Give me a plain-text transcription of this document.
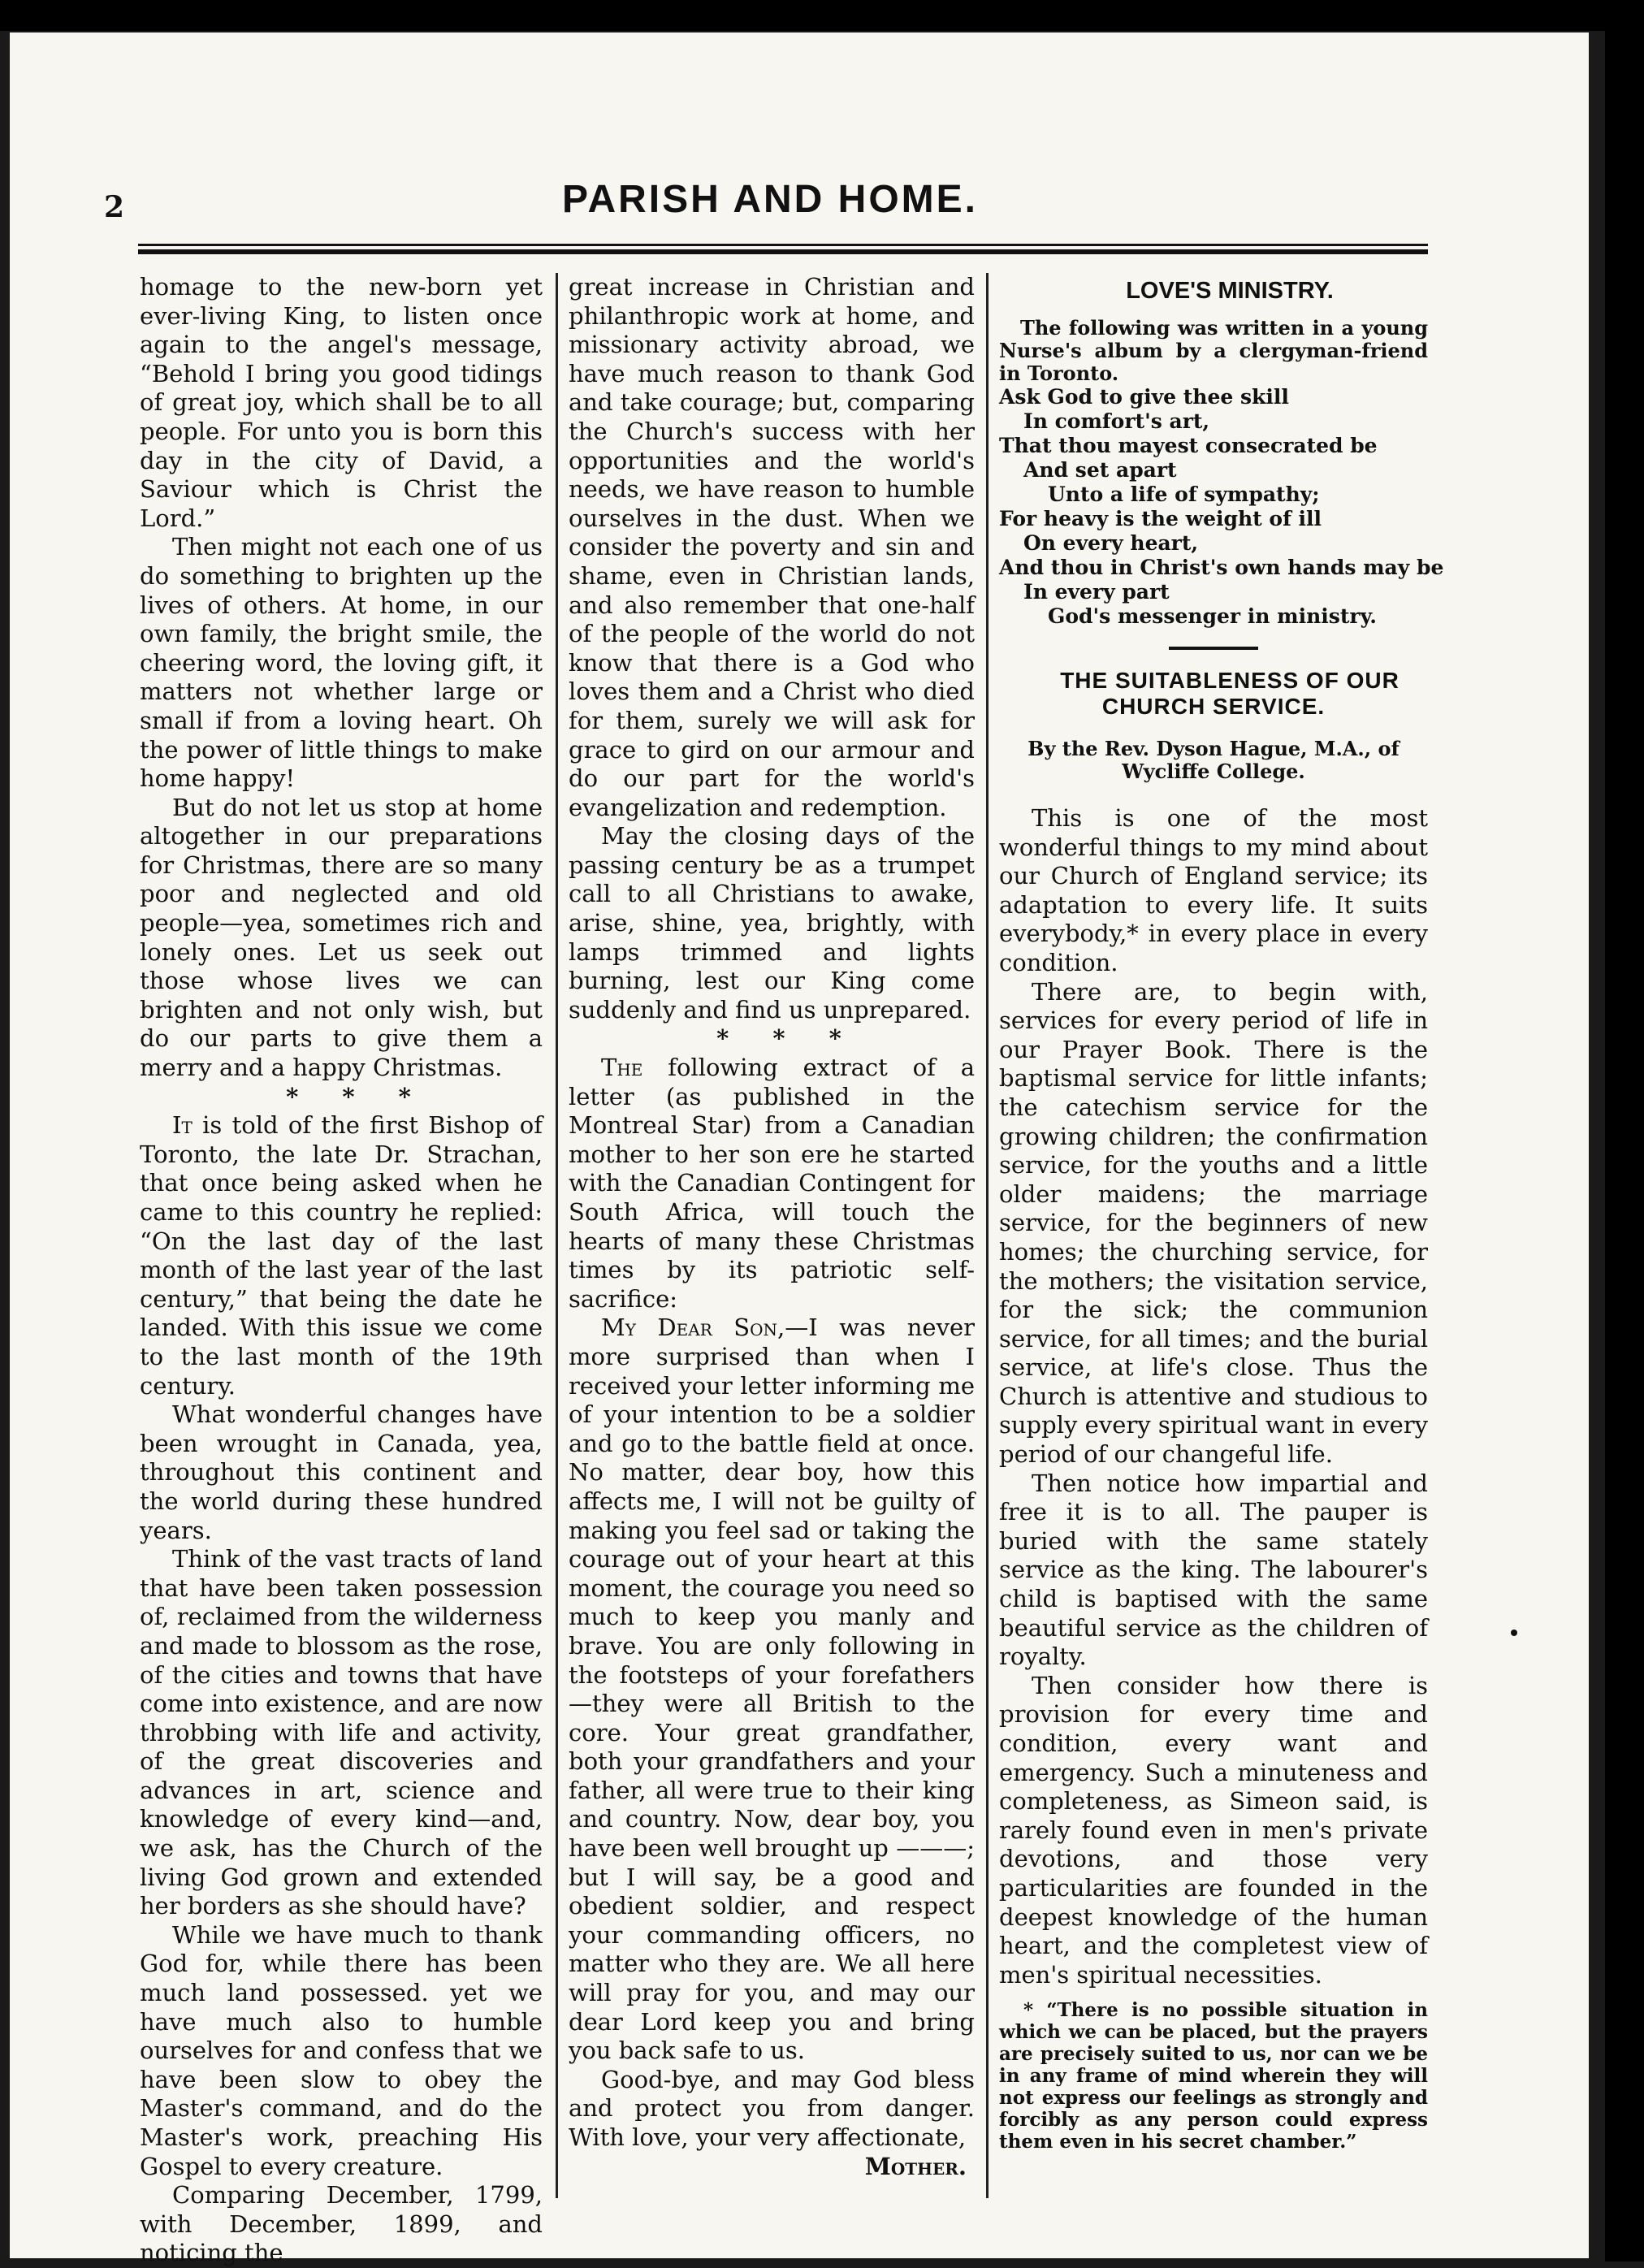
2	PARISH AND HOME.

homage to the new-born yet ever-living King, to listen once again to the angel's message, “Behold I bring you good tidings of great joy, which shall be to all people. For unto you is born this day in the city of David, a Saviour which is Christ the Lord.”

Then might not each one of us do something to brighten up the lives of others. At home, in our own family, the bright smile, the cheering word, the loving gift, it matters not whether large or small if from a loving heart. Oh the power of little things to make home happy!

But do not let us stop at home altogether in our preparations for Christmas, there are so many poor and neglected and old people—yea, sometimes rich and lonely ones. Let us seek out those whose lives we can brighten and not only wish, but do our parts to give them a merry and a happy Christmas.

* * *

It is told of the first Bishop of Toronto, the late Dr. Strachan, that once being asked when he came to this country he replied: “On the last day of the last month of the last year of the last century,” that being the date he landed. With this issue we come to the last month of the 19th century.

What wonderful changes have been wrought in Canada, yea, throughout this continent and the world during these hundred years.

Think of the vast tracts of land that have been taken possession of, reclaimed from the wilderness and made to blossom as the rose, of the cities and towns that have come into existence, and are now throbbing with life and activity, of the great discoveries and advances in art, science and knowledge of every kind—and, we ask, has the Church of the living God grown and extended her borders as she should have?

While we have much to thank God for, while there has been much land possessed. yet we have much also to humble ourselves for and confess that we have been slow to obey the Master's command, and do the Master's work, preaching His Gospel to every creature.

Comparing December, 1799, with December, 1899, and noticing the

great increase in Christian and philanthropic work at home, and missionary activity abroad, we have much reason to thank God and take courage; but, comparing the Church's success with her opportunities and the world's needs, we have reason to humble ourselves in the dust. When we consider the poverty and sin and shame, even in Christian lands, and also remember that one-half of the people of the world do not know that there is a God who loves them and a Christ who died for them, surely we will ask for grace to gird on our armour and do our part for the world's evangelization and redemption.

May the closing days of the passing century be as a trumpet call to all Christians to awake, arise, shine, yea, brightly, with lamps trimmed and lights burning, lest our King come suddenly and find us unprepared.

* * *

The following extract of a letter (as published in the Montreal Star) from a Canadian mother to her son ere he started with the Canadian Contingent for South Africa, will touch the hearts of many these Christmas times by its patriotic self-sacrifice:

My Dear Son,—I was never more surprised than when I received your letter informing me of your intention to be a soldier and go to the battle field at once. No matter, dear boy, how this affects me, I will not be guilty of making you feel sad or taking the courage out of your heart at this moment, the courage you need so much to keep you manly and brave. You are only following in the footsteps of your forefathers—they were all British to the core. Your great grandfather, both your grandfathers and your father, all were true to their king and country. Now, dear boy, you have been well brought up ———; but I will say, be a good and obedient soldier, and respect your commanding officers, no matter who they are. We all here will pray for you, and may our dear Lord keep you and bring you back safe to us.

Good-bye, and may God bless and protect you from danger. With love, your very affectionate,

Mother.

LOVE'S MINISTRY.

The following was written in a young Nurse's album by a clergyman-friend in Toronto.

Ask God to give thee skill
In comfort's art,
That thou mayest consecrated be
And set apart
Unto a life of sympathy;
For heavy is the weight of ill
On every heart,
And thou in Christ's own hands may be
In every part
God's messenger in ministry.

THE SUITABLENESS OF OUR CHURCH SERVICE.

By the Rev. Dyson Hague, M.A., of Wycliffe College.

This is one of the most wonderful things to my mind about our Church of England service; its adaptation to every life. It suits everybody,* in every place in every condition.

There are, to begin with, services for every period of life in our Prayer Book. There is the baptismal service for little infants; the catechism service for the growing children; the confirmation service, for the youths and a little older maidens; the marriage service, for the beginners of new homes; the churching service, for the mothers; the visitation service, for the sick; the communion service, for all times; and the burial service, at life's close. Thus the Church is attentive and studious to supply every spiritual want in every period of our changeful life.

Then notice how impartial and free it is to all. The pauper is buried with the same stately service as the king. The labourer's child is baptised with the same beautiful service as the children of royalty.

Then consider how there is provision for every time and condition, every want and emergency. Such a minuteness and completeness, as Simeon said, is rarely found even in men's private devotions, and those very particularities are founded in the deepest knowledge of the human heart, and the completest view of men's spiritual necessities.

* “There is no possible situation in which we can be placed, but the prayers are precisely suited to us, nor can we be in any frame of mind wherein they will not express our feelings as strongly and forcibly as any person could express them even in his secret chamber.”
